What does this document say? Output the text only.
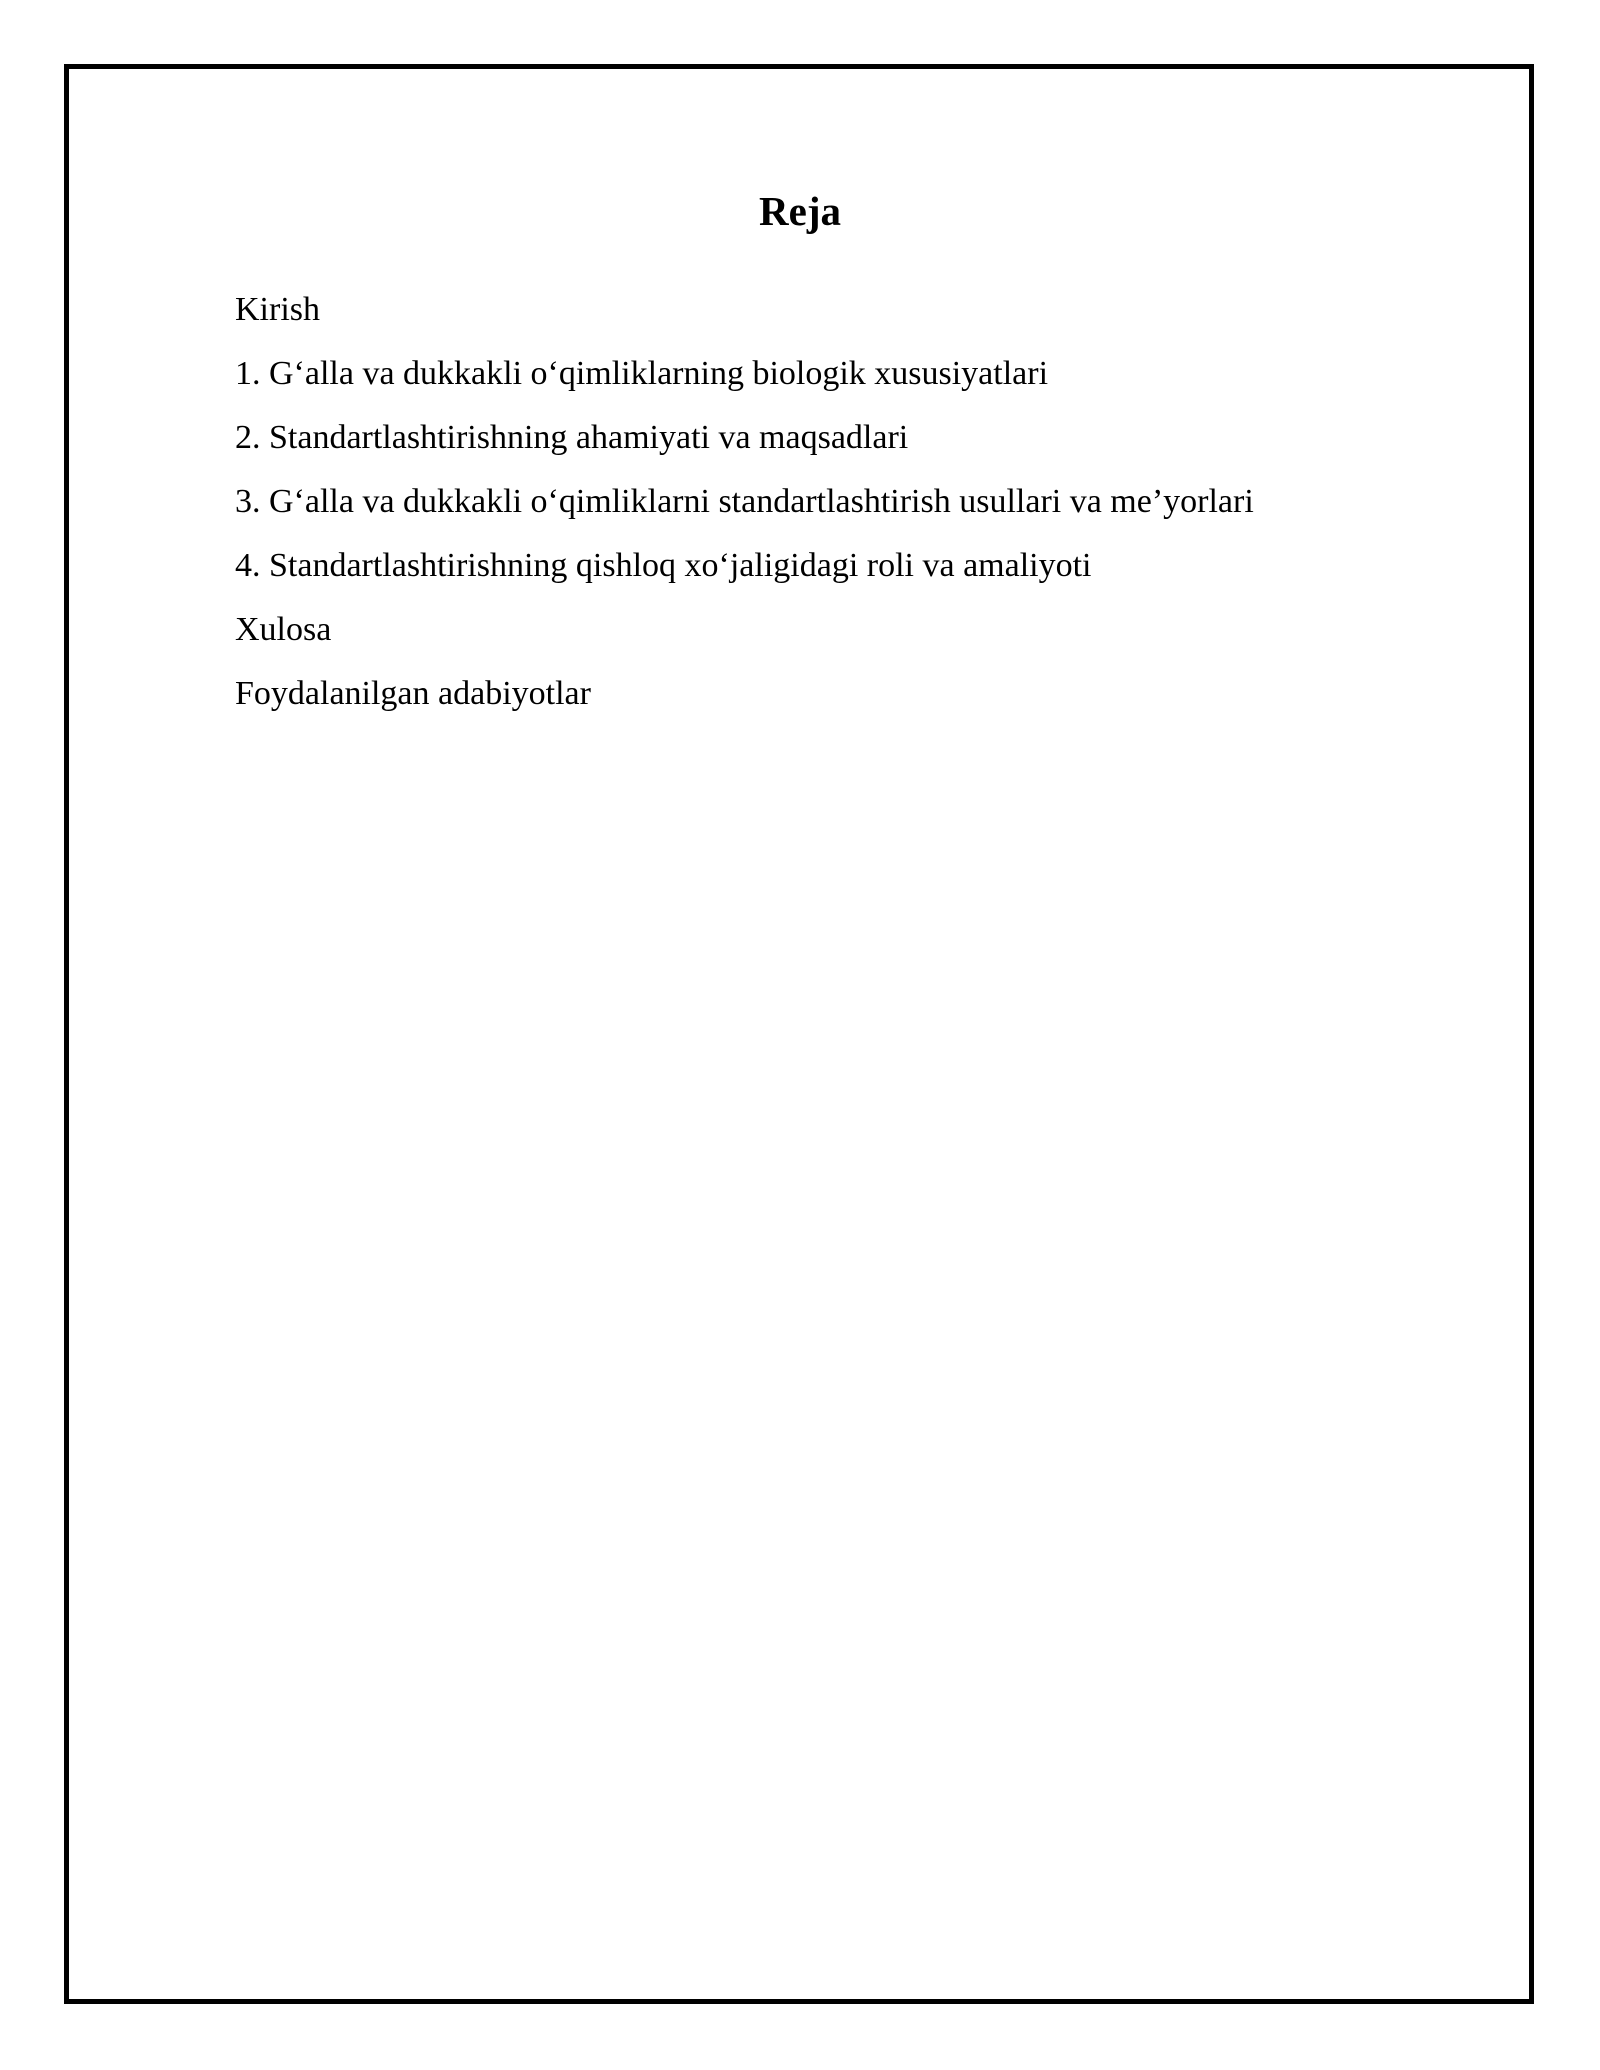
Reja
Kirish
1. G‘alla va dukkakli o‘qimliklarning biologik xususiyatlari
2. Standartlashtirishning ahamiyati va maqsadlari
3. G‘alla va dukkakli o‘qimliklarni standartlashtirish usullari va me’yorlari
4. Standartlashtirishning qishloq xo‘jaligidagi roli va amaliyoti
Xulosa
Foydalanilgan adabiyotlar
